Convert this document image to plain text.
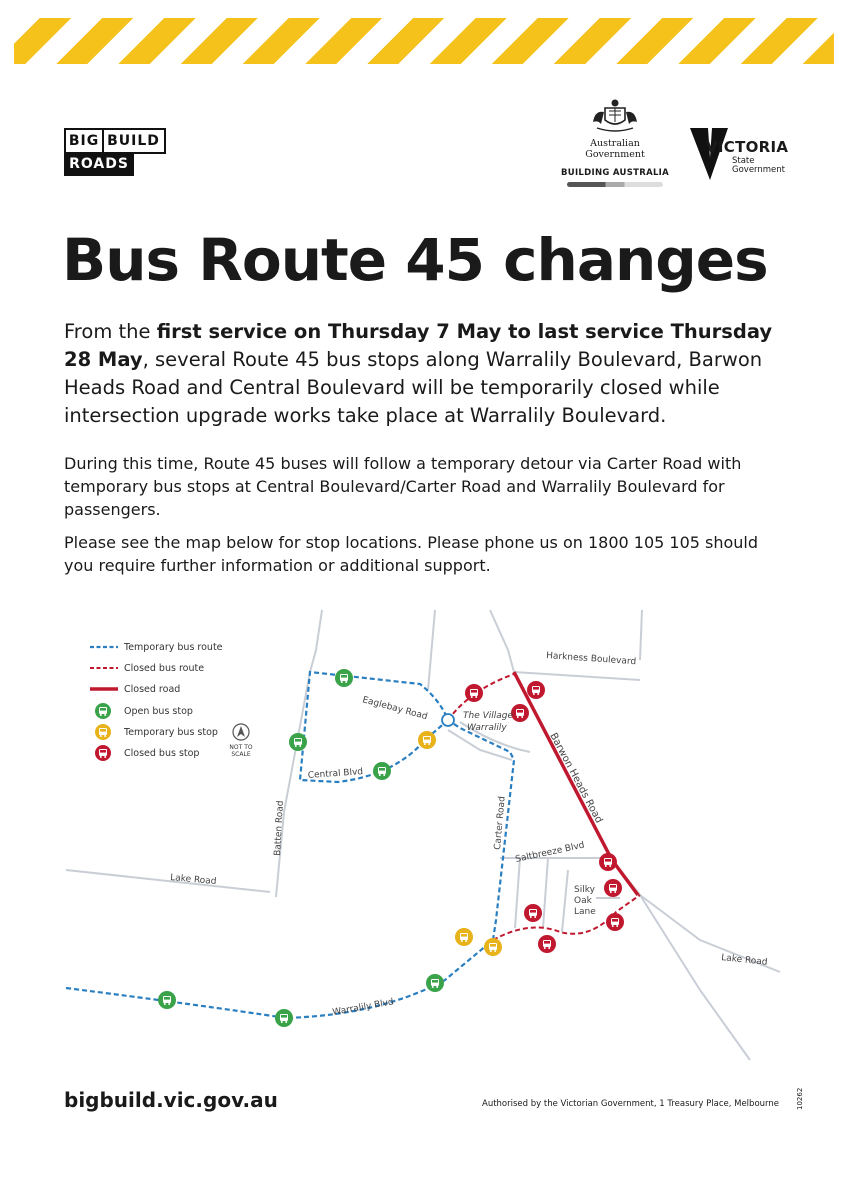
BIG BUILD
ROADS
Australian Government
BUILDING AUSTRALIA
VICTORIA
State
Government
Bus Route 45 changes

From the first service on Thursday 7 May to last service Thursday 28 May, several Route 45 bus stops along Warralily Boulevard, Barwon Heads Road and Central Boulevard will be temporarily closed while intersection upgrade works take place at Warralily Boulevard.

During this time, Route 45 buses will follow a temporary detour via Carter Road with temporary bus stops at Central Boulevard/Carter Road and Warralily Boulevard for passengers.

Please see the map below for stop locations. Please phone us on 1800 105 105 should you require further information or additional support.

Harkness Boulevard
Eaglebay Road	The Village
Warralily
Barwon Heads Road
Central Blvd
Batten Road	Carter Road
Saltbreeze Blvd
Silky
Oak
Lane
Lake Road
Lake Road
Warralily Blvd
Temporary bus route
Closed bus route
Closed road
Open bus stop
Temporary bus stop
Closed bus stop
NOT TO
SCALE
bigbuild.vic.gov.au	Authorised by the Victorian Government, 1 Treasury Place, Melbourne 10262
